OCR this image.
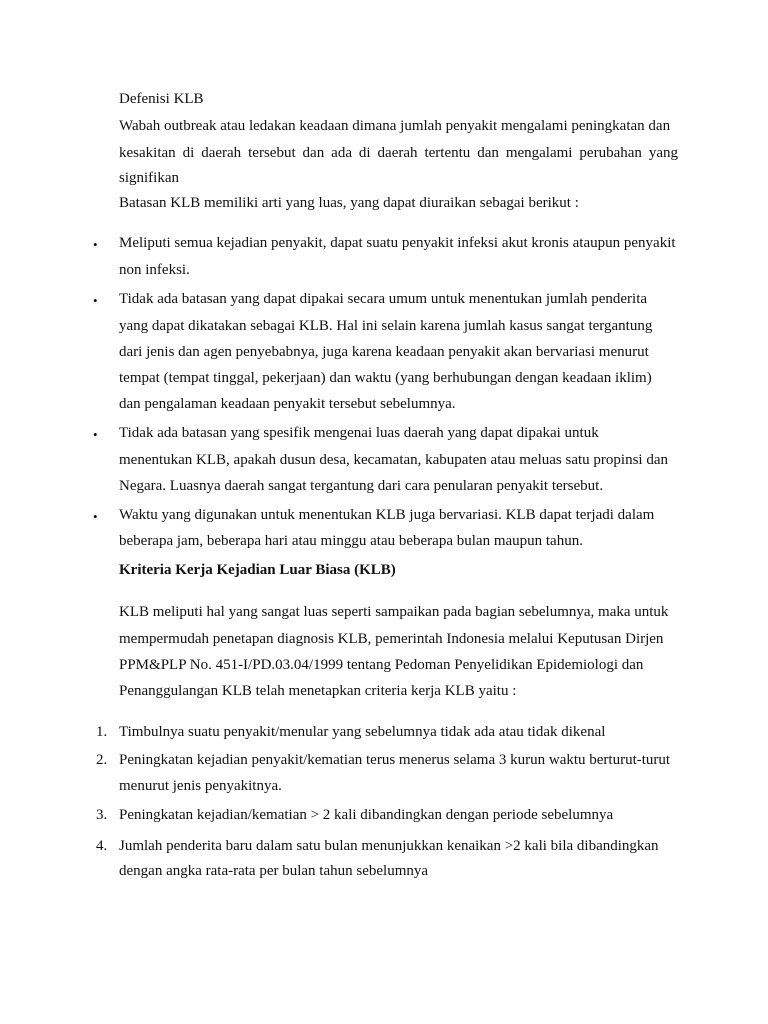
Defenisi KLB
Wabah outbreak atau ledakan keadaan dimana jumlah penyakit mengalami peningkatan dan
kesakitan di daerah tersebut dan ada di daerah tertentu dan mengalami perubahan yang
signifikan
Batasan KLB memiliki arti yang luas, yang dapat diuraikan sebagai berikut :
• Meliputi semua kejadian penyakit, dapat suatu penyakit infeksi akut kronis ataupun penyakit
non infeksi.
• Tidak ada batasan yang dapat dipakai secara umum untuk menentukan jumlah penderita
yang dapat dikatakan sebagai KLB. Hal ini selain karena jumlah kasus sangat tergantung
dari jenis dan agen penyebabnya, juga karena keadaan penyakit akan bervariasi menurut
tempat (tempat tinggal, pekerjaan) dan waktu (yang berhubungan dengan keadaan iklim)
dan pengalaman keadaan penyakit tersebut sebelumnya.
• Tidak ada batasan yang spesifik mengenai luas daerah yang dapat dipakai untuk
menentukan KLB, apakah dusun desa, kecamatan, kabupaten atau meluas satu propinsi dan
Negara. Luasnya daerah sangat tergantung dari cara penularan penyakit tersebut.
• Waktu yang digunakan untuk menentukan KLB juga bervariasi. KLB dapat terjadi dalam
beberapa jam, beberapa hari atau minggu atau beberapa bulan maupun tahun.
Kriteria Kerja Kejadian Luar Biasa (KLB)
KLB meliputi hal yang sangat luas seperti sampaikan pada bagian sebelumnya, maka untuk
mempermudah penetapan diagnosis KLB, pemerintah Indonesia melalui Keputusan Dirjen
PPM&PLP No. 451-I/PD.03.04/1999 tentang Pedoman Penyelidikan Epidemiologi dan
Penanggulangan KLB telah menetapkan criteria kerja KLB yaitu :
1. Timbulnya suatu penyakit/menular yang sebelumnya tidak ada atau tidak dikenal
2. Peningkatan kejadian penyakit/kematian terus menerus selama 3 kurun waktu berturut-turut
menurut jenis penyakitnya.
3. Peningkatan kejadian/kematian > 2 kali dibandingkan dengan periode sebelumnya
4. Jumlah penderita baru dalam satu bulan menunjukkan kenaikan >2 kali bila dibandingkan
dengan angka rata-rata per bulan tahun sebelumnya
